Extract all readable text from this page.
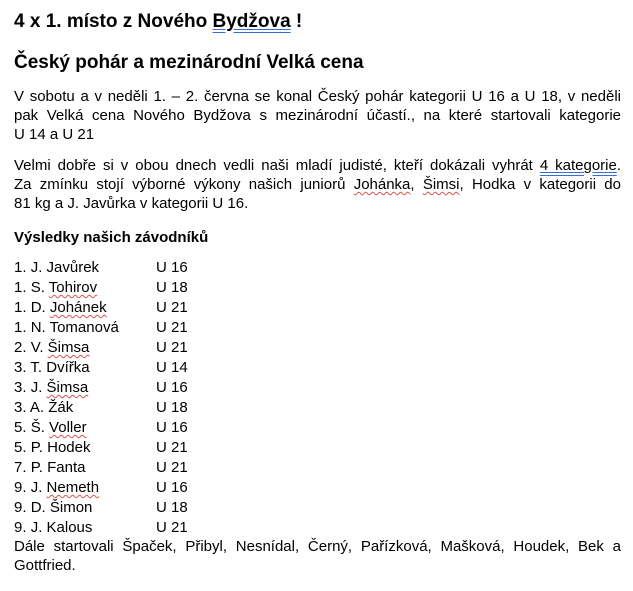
4 x 1. místo z Nového Bydžova !
Český pohár a mezinárodní Velká cena
V sobotu a v neděli 1. – 2. června se konal Český pohár kategorii U 16 a U 18, v neděli
pak Velká cena Nového Bydžova s mezinárodní účastí., na které startovali kategorie
U 14 a U 21
Velmi dobře si v obou dnech vedli naši mladí judisté, kteří dokázali vyhrát 4 kategorie.
Za zmínku stojí výborné výkony našich juniorů Johánka, Šimsi, Hodka v kategorii do
81 kg a J. Javůrka v kategorii U 16.
Výsledky našich závodníků
1. J. Javůrek	U 16
1. S. Tohirov	U 18
1. D. Johánek	U 21
1. N. Tomanová	U 21
2. V. Šimsa	U 21
3. T. Dvířka	U 14
3. J. Šimsa	U 16
3. A. Žák	U 18
5. Š. Voller	U 16
5. P. Hodek	U 21
7. P. Fanta	U 21
9. J. Nemeth	U 16
9. D. Šimon	U 18
9. J. Kalous	U 21
Dále startovali Špaček, Přibyl, Nesnídal, Černý, Pařízková, Mašková, Houdek, Bek a
Gottfried.
